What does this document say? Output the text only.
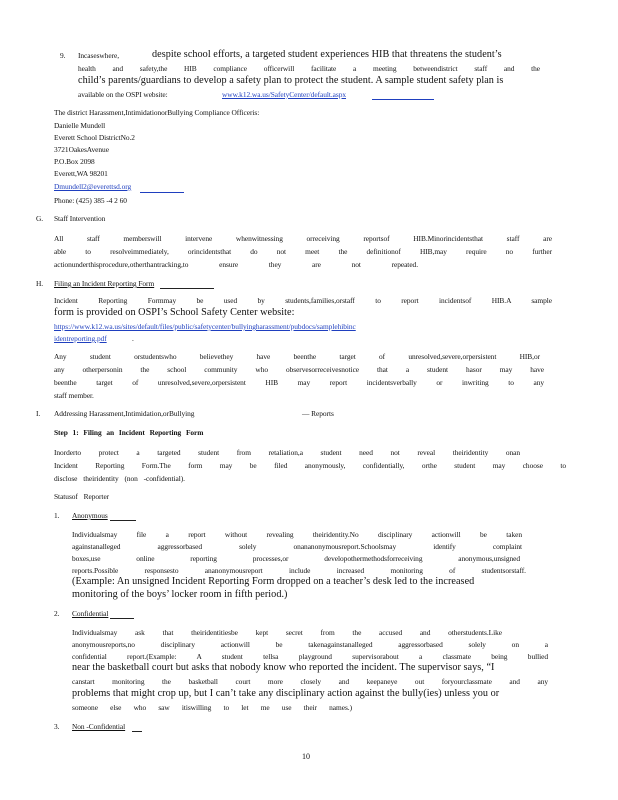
9. Incaseswhere,	despite school efforts, a targeted student experiences HIB that threatens the student’s
health and safety,the HIB compliance officerwill facilitate a meeting betweendistrict staff and the
child’s parents/guardians to develop a safety plan to protect the student. A sample student safety plan is
available on the OSPI website:	www.k12.wa.us/SafetyCenter/default.aspx
The district Harassment,IntimidationorBullying Compliance Officeris:
Danielle Mundell
Everett School DistrictNo.2
3721OakesAvenue
P.O.Box 2098
Everett,WA 98201
Dmundell2@everettsd.org
Phone: (425) 385 -4 2 60
G. Staff Intervention
All staff memberswill intervene whenwitnessing orreceiving reportsof HIB.Minorincidentsthat staff are
able to resolveimmediately, orincidentsthat do not meet the definitionof HIB,may require no further
actionunderthisprocedure,otherthantracking,to ensure they are not repeated.
H. Filing an Incident Reporting Form
Incident Reporting Formmay be used by students,families,orstaff to report incidentsof HIB.A sample
form is provided on OSPI’s School Safety Center website:
https://www.k12.wa.us/sites/default/files/public/safetycenter/bullyingharassment/pubdocs/samplehibinc
identreporting.pdf	.
Any student orstudentswho believethey have beenthe target of unresolved,severe,orpersistent HIB,or
any otherpersonin the school community who observesorreceivesnotice that a student hasor may have
beenthe target of unresolved,severe,orpersistent HIB may report incidentsverbally or inwriting to any
staff member.
I. Addressing Harassment,Intimidation,orBullying	— Reports
Step 1: Filing an Incident Reporting Form
Inorderto protect a targeted student from retaliation,a student need not reveal theiridentity onan
Incident Reporting Form.The form may be filed anonymously, confidentially, orthe student may choose to
disclose theiridentity (non -confidential).
Statusof Reporter
1. Anonymous
Individualsmay file a report without revealing theiridentity.No disciplinary actionwill be taken
againstanalleged aggressorbased solely onananonymousreport.Schoolsmay identify complaint
boxes,use online reporting processes,or developothermethodsforreceiving anonymous,unsigned
reports.Possible responsesto ananonymousreport include increased monitoring of studentsorstaff.
(Example: An unsigned Incident Reporting Form dropped on a teacher’s desk led to the increased
monitoring of the boys’ locker room in fifth period.)
2. Confidential
Individualsmay ask that theiridentitiesbe kept secret from the accused and otherstudents.Like
anonymousreports,no disciplinary actionwill be takenagainstanalleged aggressorbased solely on a
confidential report.(Example: A student tellsa playground supervisorabout a classmate being bullied
near the basketball court but asks that nobody know who reported the incident. The supervisor says, “I
canstart monitoring the basketball court more closely and keepaneye out foryourclassmate and any
problems that might crop up, but I can’t take any disciplinary action against the bully(ies) unless you or
someone else who saw itiswilling to let me use their names.)
3. Non -Confidential
10
